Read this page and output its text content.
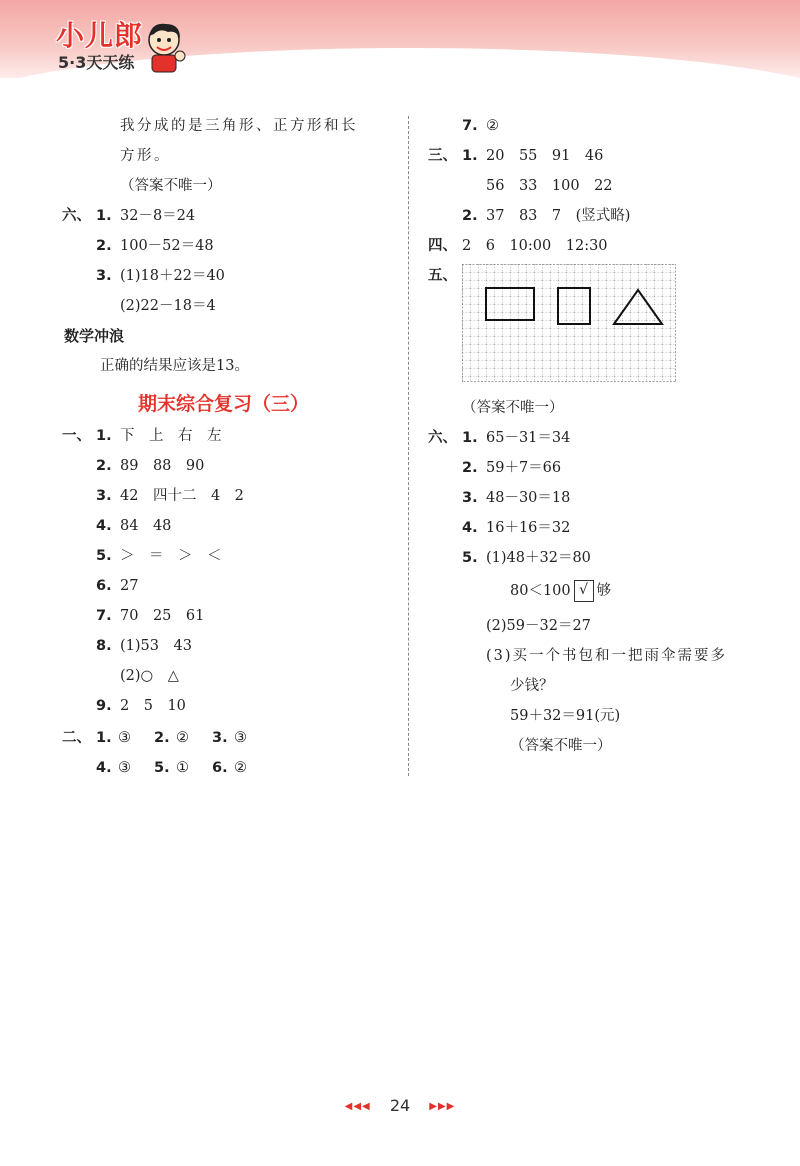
小儿郎
5·3天天练
我分成的是三角形、正方形和长
方形。
（答案不唯一）
六、 1. 32－8＝24
2. 100－52＝48
3. (1)18＋22＝40
(2)22－18＝4
数学冲浪
正确的结果应该是13。
期末综合复习（三）
一、 1. 下　上　右　左
2. 89　88　90
3. 42　四十二　4　2
4. 84　48
5. ＞　＝　＞　＜
6. 27
7. 70　25　61
8. (1)53　43
(2)○　△
9. 2　5　10
二、 1. ③ 2. ② 3. ③
4. ③ 5. ① 6. ②
7. ②
三、 1. 20　55　91　46
56　33　100　22
2. 37　83　7　(竖式略)
四、 2　6　10:00　12:30
五、
（答案不唯一）
六、 1. 65－31＝34
2. 59＋7＝66
3. 48－30＝18
4. 16＋16＝32
5. (1)48＋32＝80
80＜100 √ 够
(2)59－32＝27
(3)买一个书包和一把雨伞需要多
少钱？
59＋32＝91(元)
（答案不唯一）
◀◀◀ 24 ▶▶▶
